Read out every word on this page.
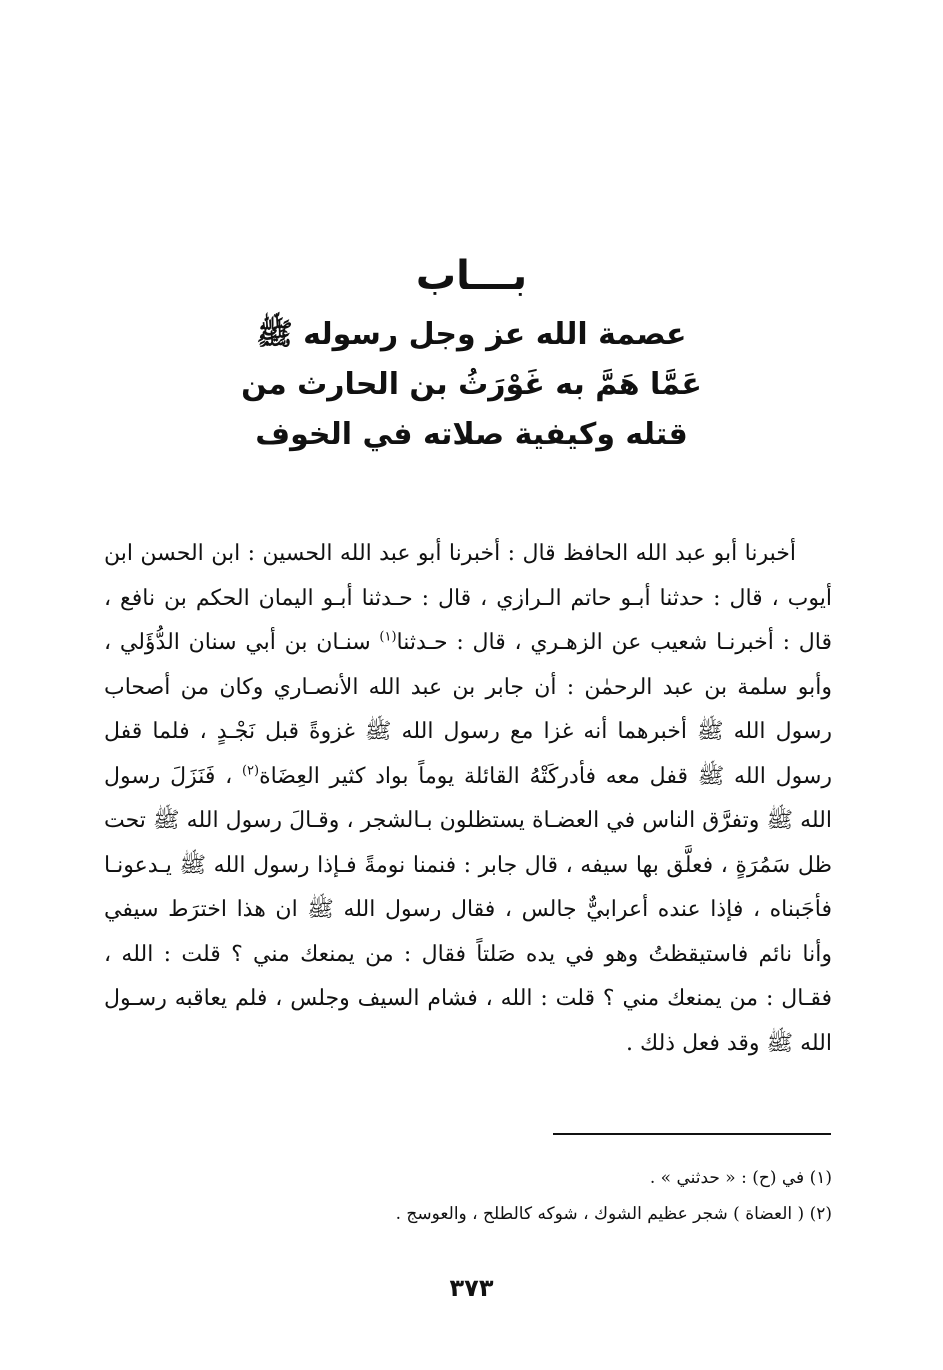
بـــاب
عصمة الله عز وجل رسوله ﷺ
عَمَّا هَمَّ به غَوْرَثُ بن الحارث من
قتله وكيفية صلاته في الخوف

أخبرنا أبو عبد الله الحافظ قال : أخبرنا أبو عبد الله الحسين : ابن الحسن ابن أيوب ، قال : حدثنا أبـو حاتم الـرازي ، قال : حـدثنا أبـو اليمان الحكم بن نافع ، قال : أخبرنـا شعيب عن الزهـري ، قال : حـدثنا$^{(١)}$ سنـان بن أبي سنان الدُّؤَلي ، وأبو سلمة بن عبد الرحمٰن : أن جابر بن عبد الله الأنصـاري وكان من أصحاب رسول الله ﷺ أخبرهما أنه غزا مع رسول الله ﷺ غزوةً قبل نَجْـدٍ ، فلما قفل رسول الله ﷺ قفل معه فأدركَتْهُ القائلة يوماً بواد كثير العِضَاة$^{(٢)}$ ، فَنَزَلَ رسول الله ﷺ وتفرَّق الناس في العضـاة يستظلون بـالشجر ، وقـالَ رسول الله ﷺ تحت ظل سَمُرَةٍ ، فعلَّق بها سيفه ، قال جابر : فنمنا نومةً فـإذا رسول الله ﷺ يـدعونـا فأجَبناه ، فإذا عنده أعرابيٌّ جالس ، فقال رسول الله ﷺ ان هذا اخترَط سيفي وأنا نائم فاستيقظتُ وهو في يده صَلتاً فقال : من يمنعك مني ؟ قلت : الله ، فقـال : من يمنعك مني ؟ قلت : الله ، فشام السيف وجلس ، فلم يعاقبه رسـول الله ﷺ وقد فعل ذلك .

(١) في (ح) : « حدثني » .
(٢) ( العضاة ) شجر عظيم الشوك ، شوكه كالطلح ، والعوسج .
٣٧٣
